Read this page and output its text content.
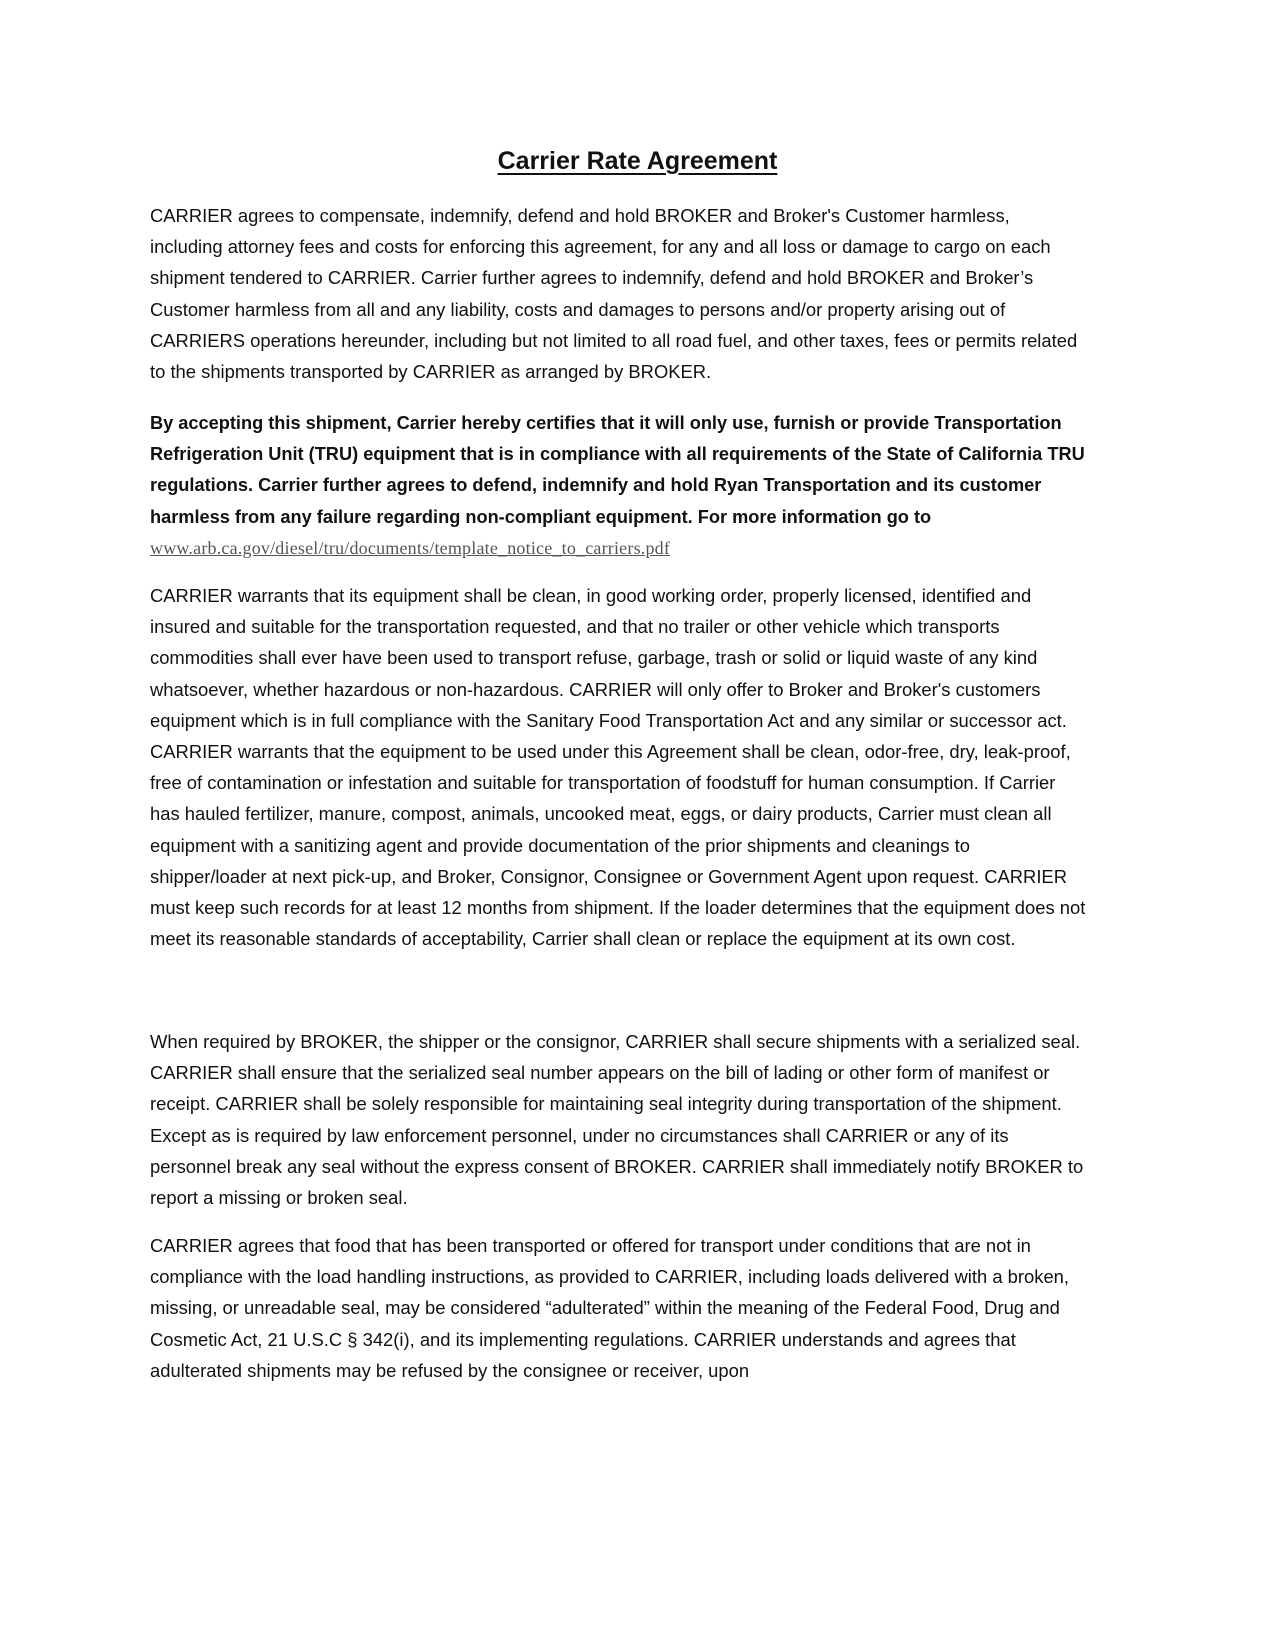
Carrier Rate Agreement

CARRIER agrees to compensate, indemnify, defend and hold BROKER and Broker's Customer harmless, including attorney fees and costs for enforcing this agreement, for any and all loss or damage to cargo on each shipment tendered to CARRIER. Carrier further agrees to indemnify, defend and hold BROKER and Broker’s Customer harmless from all and any liability, costs and damages to persons and/or property arising out of CARRIERS operations hereunder, including but not limited to all road fuel, and other taxes, fees or permits related to the shipments transported by CARRIER as arranged by BROKER.

By accepting this shipment, Carrier hereby certifies that it will only use, furnish or provide Transportation Refrigeration Unit (TRU) equipment that is in compliance with all requirements of the State of California TRU regulations. Carrier further agrees to defend, indemnify and hold Ryan Transportation and its customer harmless from any failure regarding non-compliant equipment. For more information go to www.arb.ca.gov/diesel/tru/documents/template_notice_to_carriers.pdf

CARRIER warrants that its equipment shall be clean, in good working order, properly licensed, identified and insured and suitable for the transportation requested, and that no trailer or other vehicle which transports commodities shall ever have been used to transport refuse, garbage, trash or solid or liquid waste of any kind whatsoever, whether hazardous or non-hazardous. CARRIER will only offer to Broker and Broker's customers equipment which is in full compliance with the Sanitary Food Transportation Act and any similar or successor act. CARRIER warrants that the equipment to be used under this Agreement shall be clean, odor-free, dry, leak-proof, free of contamination or infestation and suitable for transportation of foodstuff for human consumption. If Carrier has hauled fertilizer, manure, compost, animals, uncooked meat, eggs, or dairy products, Carrier must clean all equipment with a sanitizing agent and provide documentation of the prior shipments and cleanings to shipper/loader at next pick-up, and Broker, Consignor, Consignee or Government Agent upon request. CARRIER must keep such records for at least 12 months from shipment. If the loader determines that the equipment does not meet its reasonable standards of acceptability, Carrier shall clean or replace the equipment at its own cost.

When required by BROKER, the shipper or the consignor, CARRIER shall secure shipments with a serialized seal. CARRIER shall ensure that the serialized seal number appears on the bill of lading or other form of manifest or receipt. CARRIER shall be solely responsible for maintaining seal integrity during transportation of the shipment. Except as is required by law enforcement personnel, under no circumstances shall CARRIER or any of its personnel break any seal without the express consent of BROKER. CARRIER shall immediately notify BROKER to report a missing or broken seal.

CARRIER agrees that food that has been transported or offered for transport under conditions that are not in compliance with the load handling instructions, as provided to CARRIER, including loads delivered with a broken, missing, or unreadable seal, may be considered “adulterated” within the meaning of the Federal Food, Drug and Cosmetic Act, 21 U.S.C § 342(i), and its implementing regulations. CARRIER understands and agrees that adulterated shipments may be refused by the consignee or receiver, upon
